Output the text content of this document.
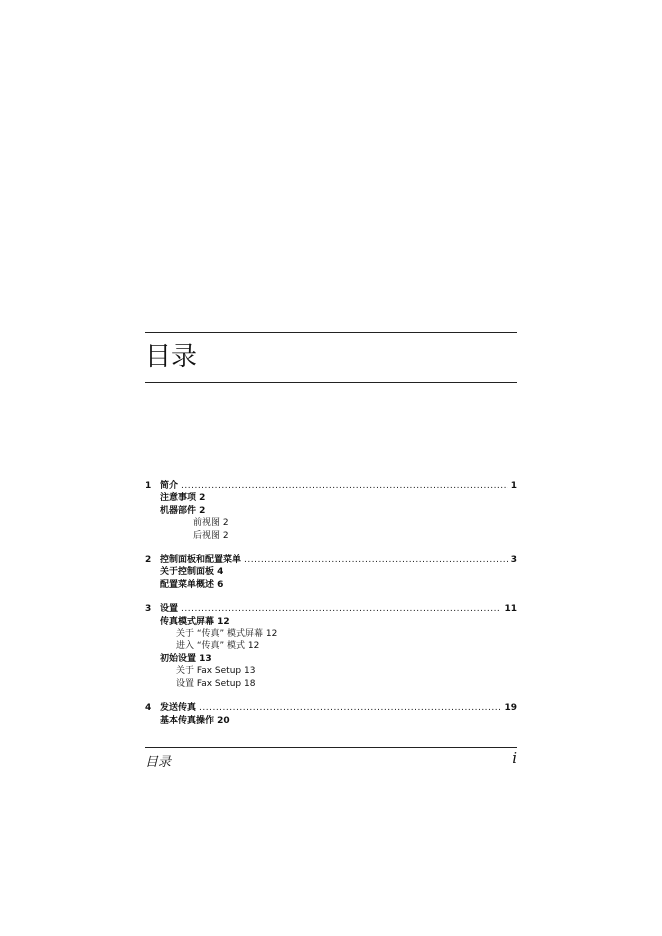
目录
1 简介 .....	1
注意事项 2
机器部件 2
前视图 2
后视图 2
2 控制面板和配置菜单 .....	3
关于控制面板 4
配置菜单概述 6
3 设置 .....	11
传真模式屏幕 12
关于 “传真” 模式屏幕 12
进入 “传真” 模式 12
初始设置 13
关于 Fax Setup 13
设置 Fax Setup 18
4 发送传真 .....	19
基本传真操作 20
目录	i
